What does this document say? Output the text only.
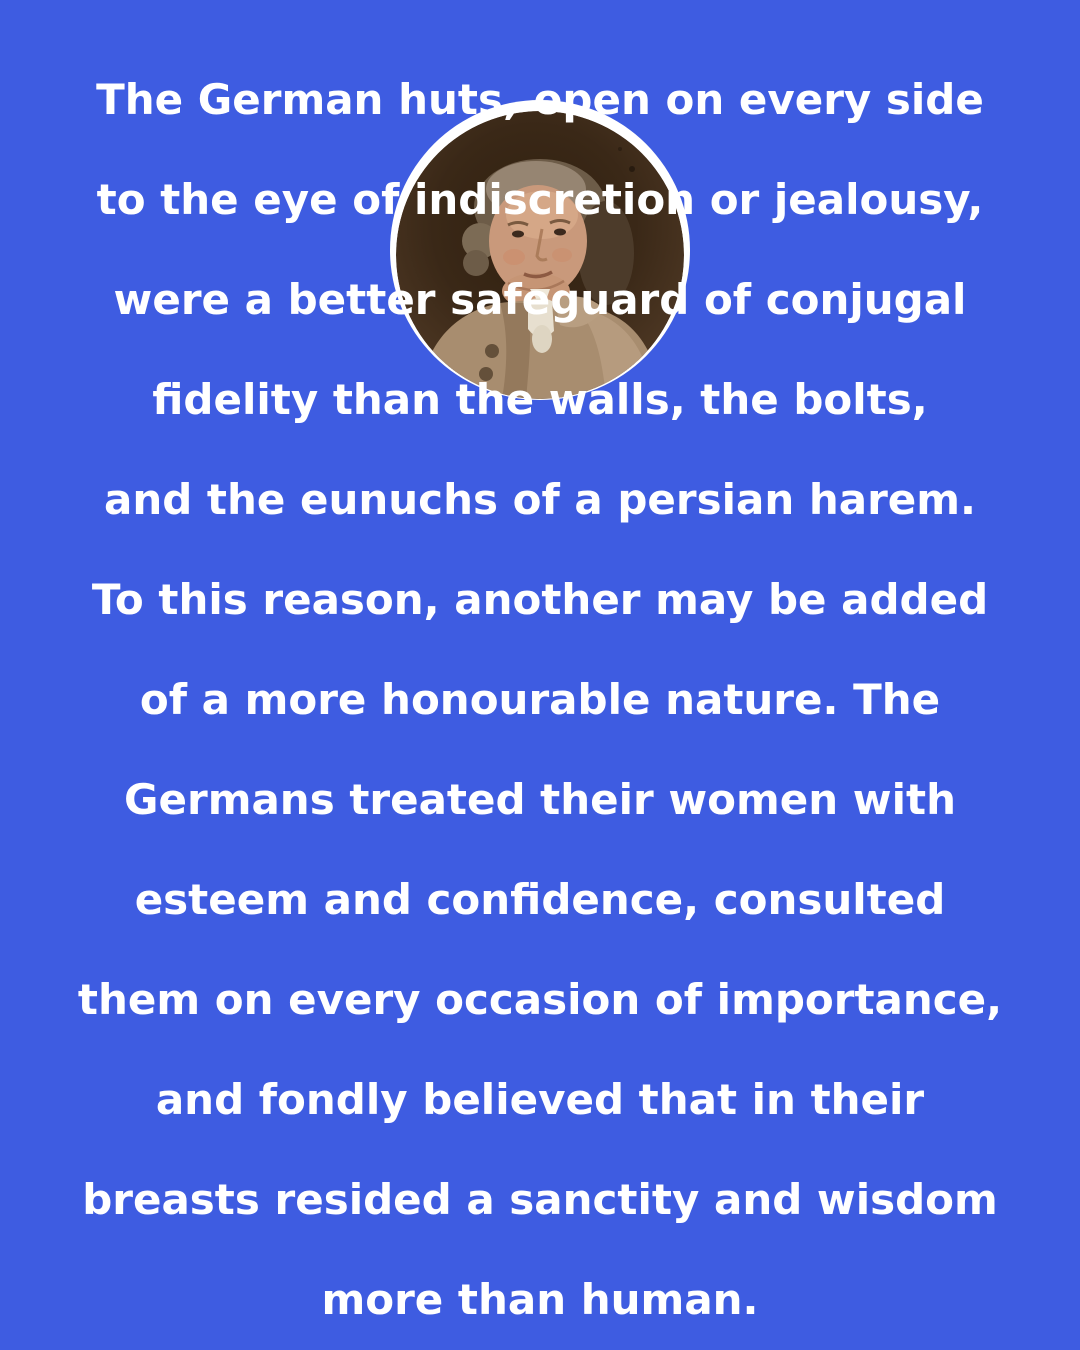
The German huts, open on every side
to the eye of indiscretion or jealousy,
were a better safeguard of conjugal
fidelity than the walls, the bolts,
and the eunuchs of a persian harem.
To this reason, another may be added
of a more honourable nature. The
Germans treated their women with
esteem and confidence, consulted
them on every occasion of importance,
and fondly believed that in their
breasts resided a sanctity and wisdom
more than human.
